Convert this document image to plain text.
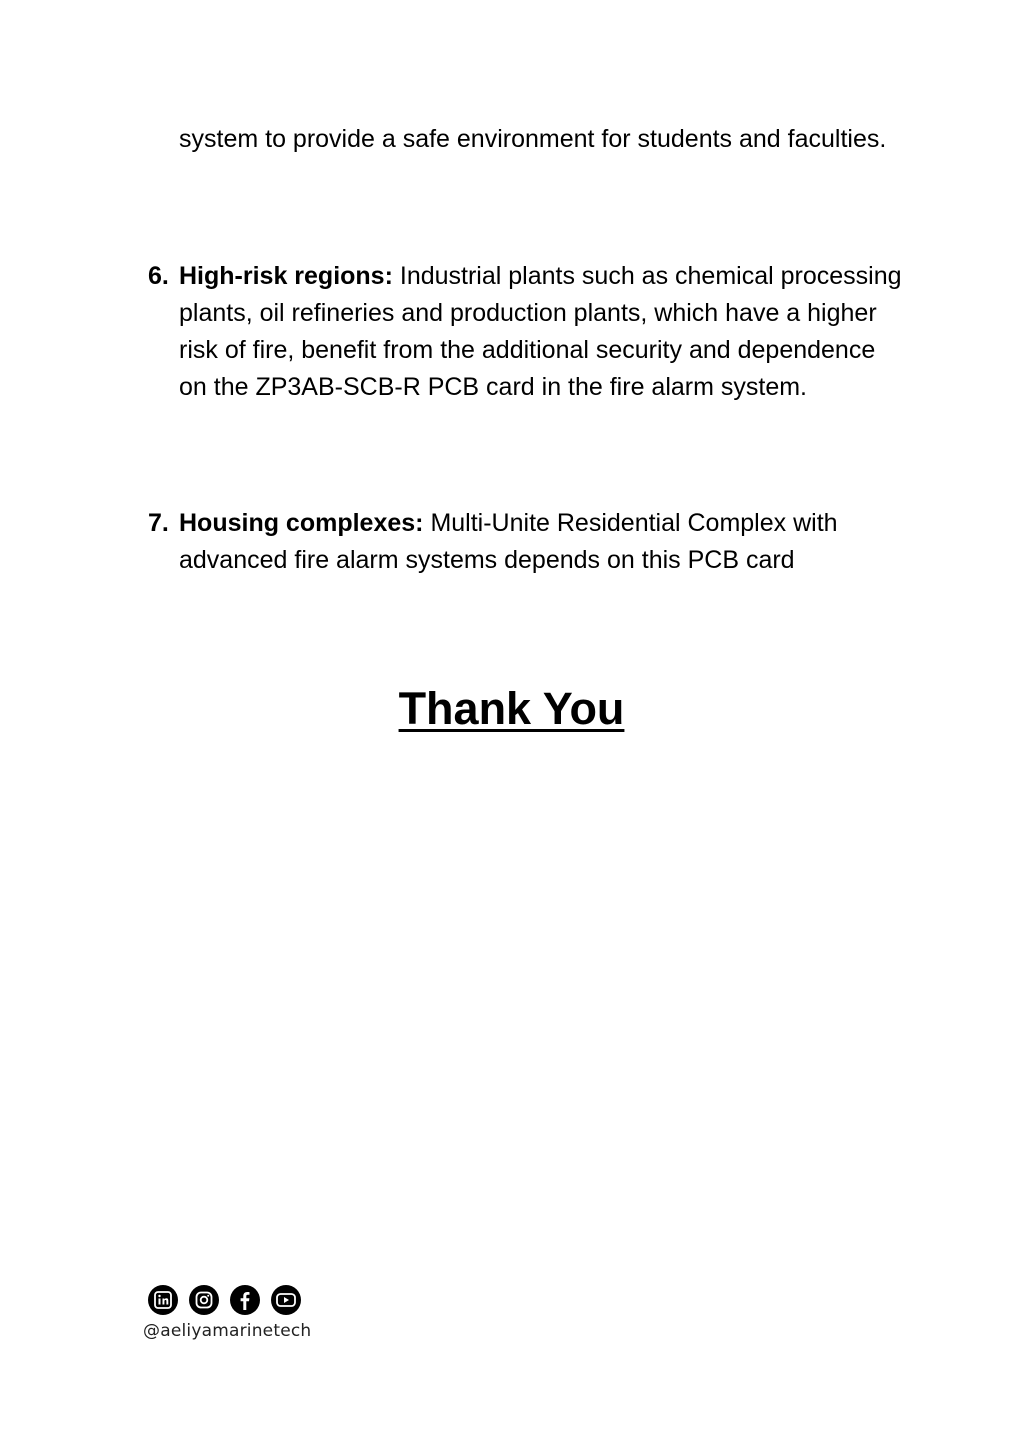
system to provide a safe environment for students and faculties.

6. High-risk regions: Industrial plants such as chemical processing plants, oil refineries and production plants, which have a higher risk of fire, benefit from the additional security and dependence on the ZP3AB-SCB-R PCB card in the fire alarm system.
7. Housing complexes: Multi-Unite Residential Complex with advanced fire alarm systems depends on this PCB card
Thank You
@aeliyamarinetech
